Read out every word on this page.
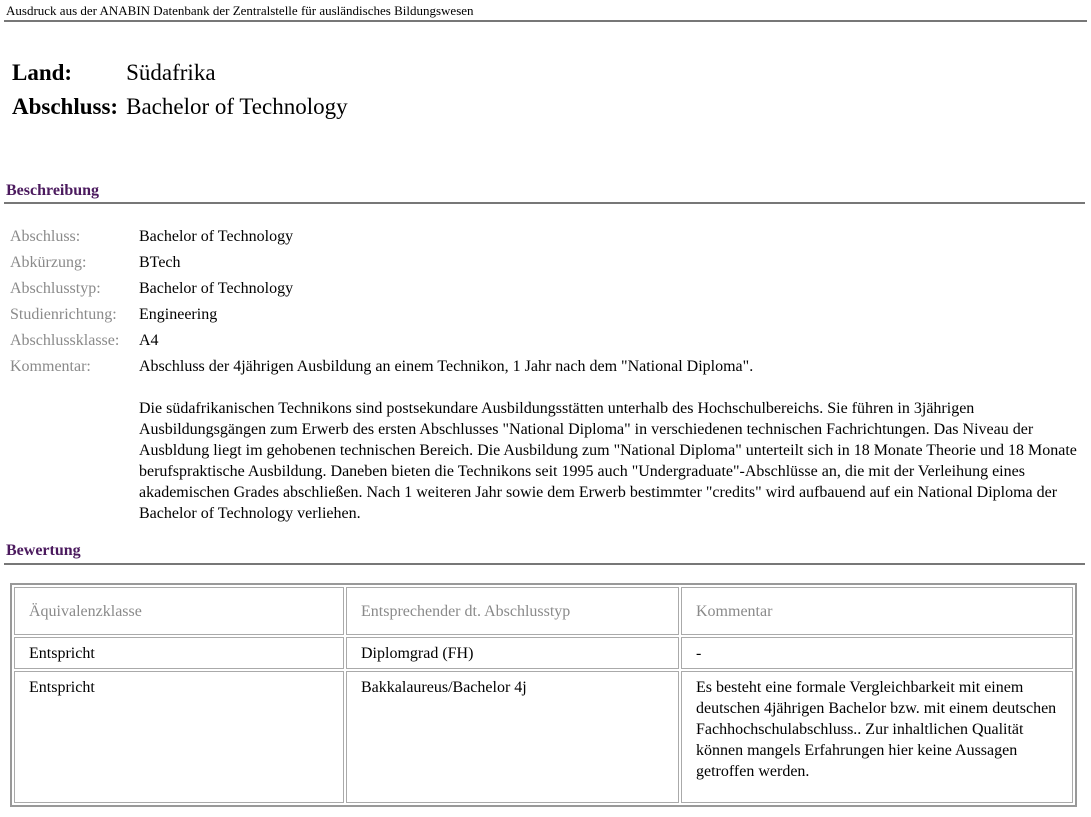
Ausdruck aus der ANABIN Datenbank der Zentralstelle für ausländisches Bildungswesen
Land:	Südafrika
Abschluss:	Bachelor of Technology
Beschreibung
Abschluss:	Bachelor of Technology
Abkürzung:	BTech
Abschlusstyp:	Bachelor of Technology
Studienrichtung:	Engineering
Abschlussklasse:	A4
Kommentar:	Abschluss der 4jährigen Ausbildung an einem Technikon, 1 Jahr nach dem "National Diploma".
	Die südafrikanischen Technikons sind postsekundare Ausbildungsstätten unterhalb des Hochschulbereichs. Sie führen in 3jährigen Ausbildungsgängen zum Erwerb des ersten Abschlusses "National Diploma" in verschiedenen technischen Fachrichtungen. Das Niveau der Ausbldung liegt im gehobenen technischen Bereich. Die Ausbildung zum "National Diploma" unterteilt sich in 18 Monate Theorie und 18 Monate berufspraktische Ausbildung. Daneben bieten die Technikons seit 1995 auch "Undergraduate"-Abschlüsse an, die mit der Verleihung eines akademischen Grades abschließen. Nach 1 weiteren Jahr sowie dem Erwerb bestimmter "credits" wird aufbauend auf ein National Diploma der Bachelor of Technology verliehen.
Bewertung
Äquivalenzklasse	Entsprechender dt. Abschlusstyp	Kommentar
Entspricht	Diplomgrad (FH)	-
Entspricht	Bakkalaureus/Bachelor 4j	Es besteht eine formale Vergleichbarkeit mit einem deutschen 4jährigen Bachelor bzw. mit einem deutschen Fachhochschulabschluss.. Zur inhaltlichen Qualität können mangels Erfahrungen hier keine Aussagen getroffen werden.
